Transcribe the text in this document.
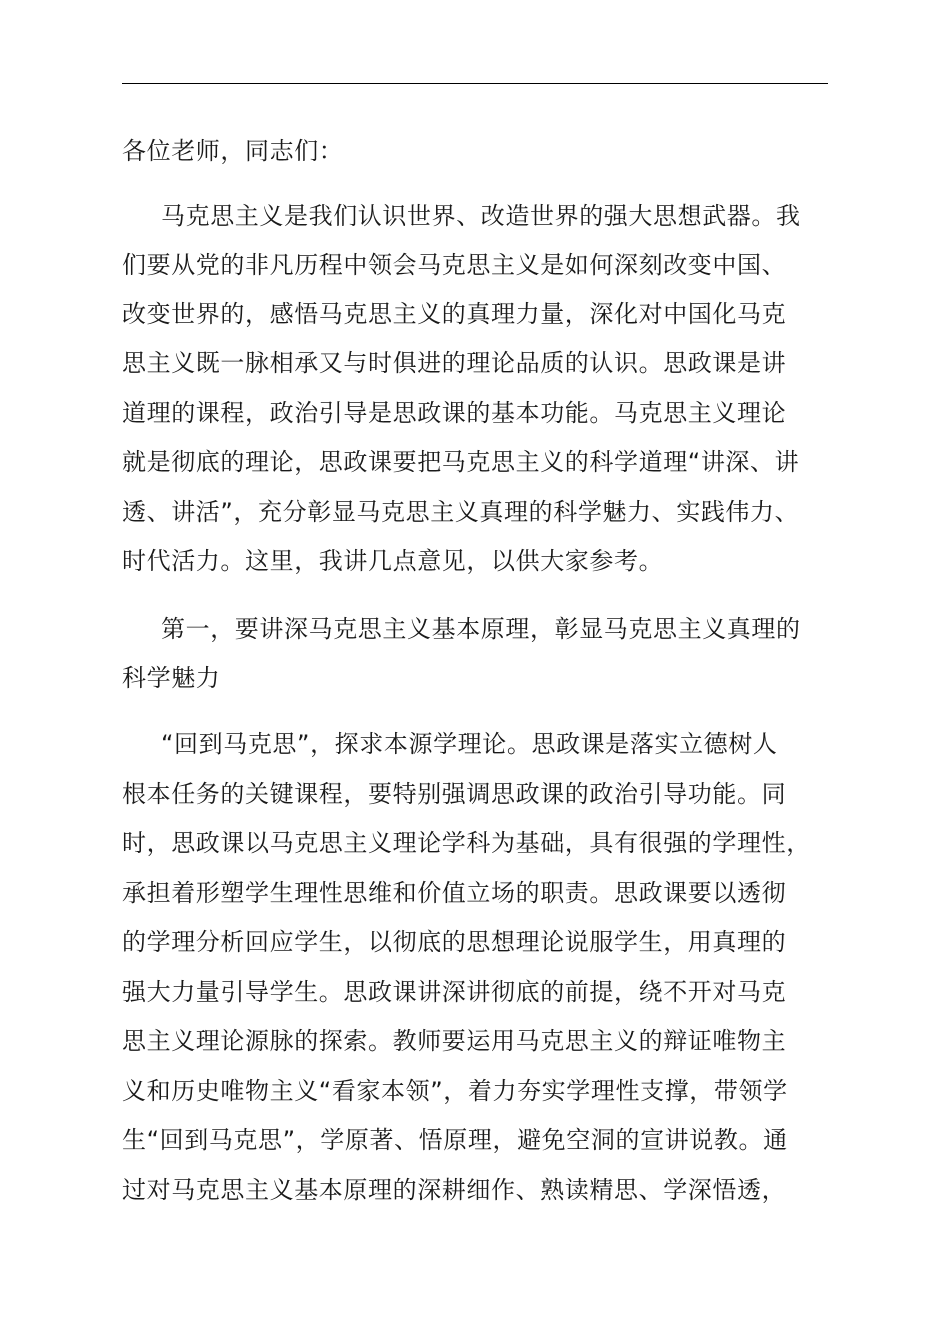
各位老师，同志们：
马克思主义是我们认识世界、改造世界的强大思想武器。我
们要从党的非凡历程中领会马克思主义是如何深刻改变中国、
改变世界的，感悟马克思主义的真理力量，深化对中国化马克
思主义既一脉相承又与时俱进的理论品质的认识。思政课是讲
道理的课程，政治引导是思政课的基本功能。马克思主义理论
就是彻底的理论，思政课要把马克思主义的科学道理“讲深、讲
透、讲活”，充分彰显马克思主义真理的科学魅力、实践伟力、
时代活力。这里，我讲几点意见，以供大家参考。
第一，要讲深马克思主义基本原理，彰显马克思主义真理的
科学魅力
“回到马克思”，探求本源学理论。思政课是落实立德树人
根本任务的关键课程，要特别强调思政课的政治引导功能。同
时，思政课以马克思主义理论学科为基础，具有很强的学理性，
承担着形塑学生理性思维和价值立场的职责。思政课要以透彻
的学理分析回应学生，以彻底的思想理论说服学生，用真理的
强大力量引导学生。思政课讲深讲彻底的前提，绕不开对马克
思主义理论源脉的探索。教师要运用马克思主义的辩证唯物主
义和历史唯物主义“看家本领”，着力夯实学理性支撑，带领学
生“回到马克思”，学原著、悟原理，避免空洞的宣讲说教。通
过对马克思主义基本原理的深耕细作、熟读精思、学深悟透，
